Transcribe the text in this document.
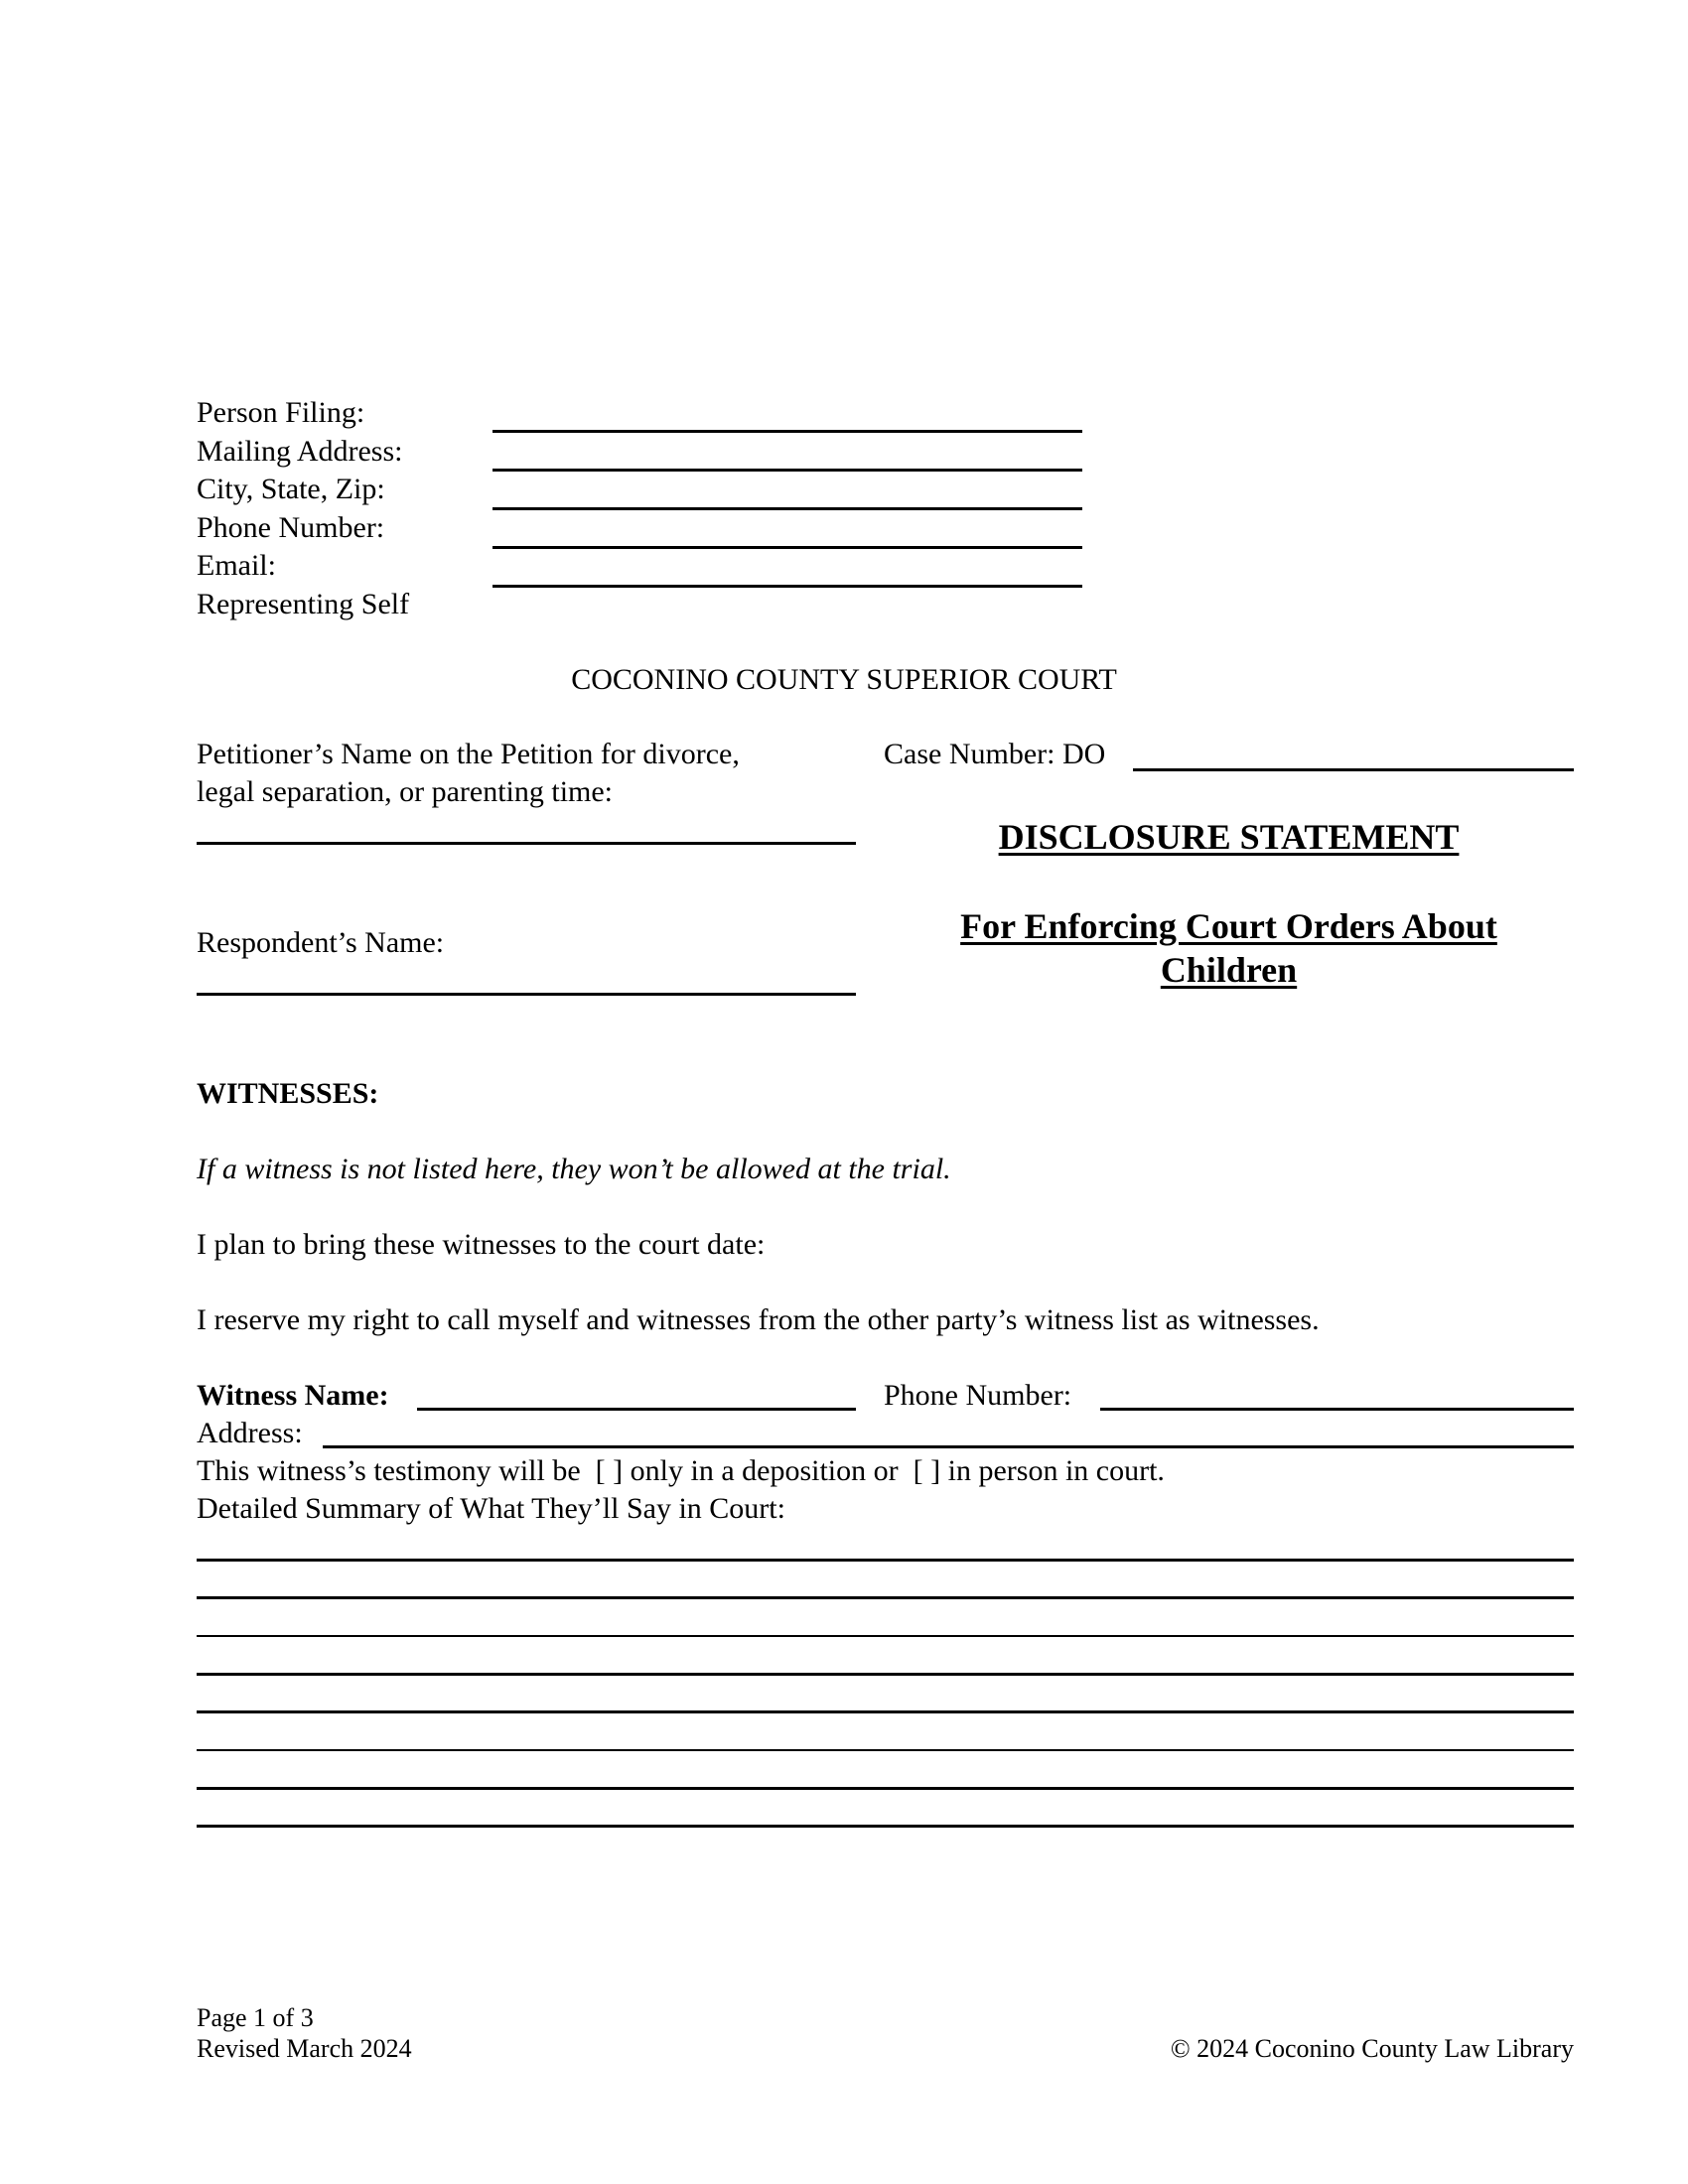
Person Filing:
Mailing Address:
City, State, Zip:
Phone Number:
Email:
Representing Self
COCONINO COUNTY SUPERIOR COURT
Petitioner’s Name on the Petition for divorce,
legal separation, or parenting time:
Respondent’s Name:
Case Number: DO
DISCLOSURE STATEMENT
For Enforcing Court Orders About
Children
WITNESSES:
If a witness is not listed here, they won’t be allowed at the trial.
I plan to bring these witnesses to the court date:
I reserve my right to call myself and witnesses from the other party’s witness list as witnesses.
Witness Name:	Phone Number:
Address:
This witness’s testimony will be [ ] only in a deposition or [ ] in person in court.
Detailed Summary of What They’ll Say in Court:
Page 1 of 3
Revised March 2024	© 2024 Coconino County Law Library
